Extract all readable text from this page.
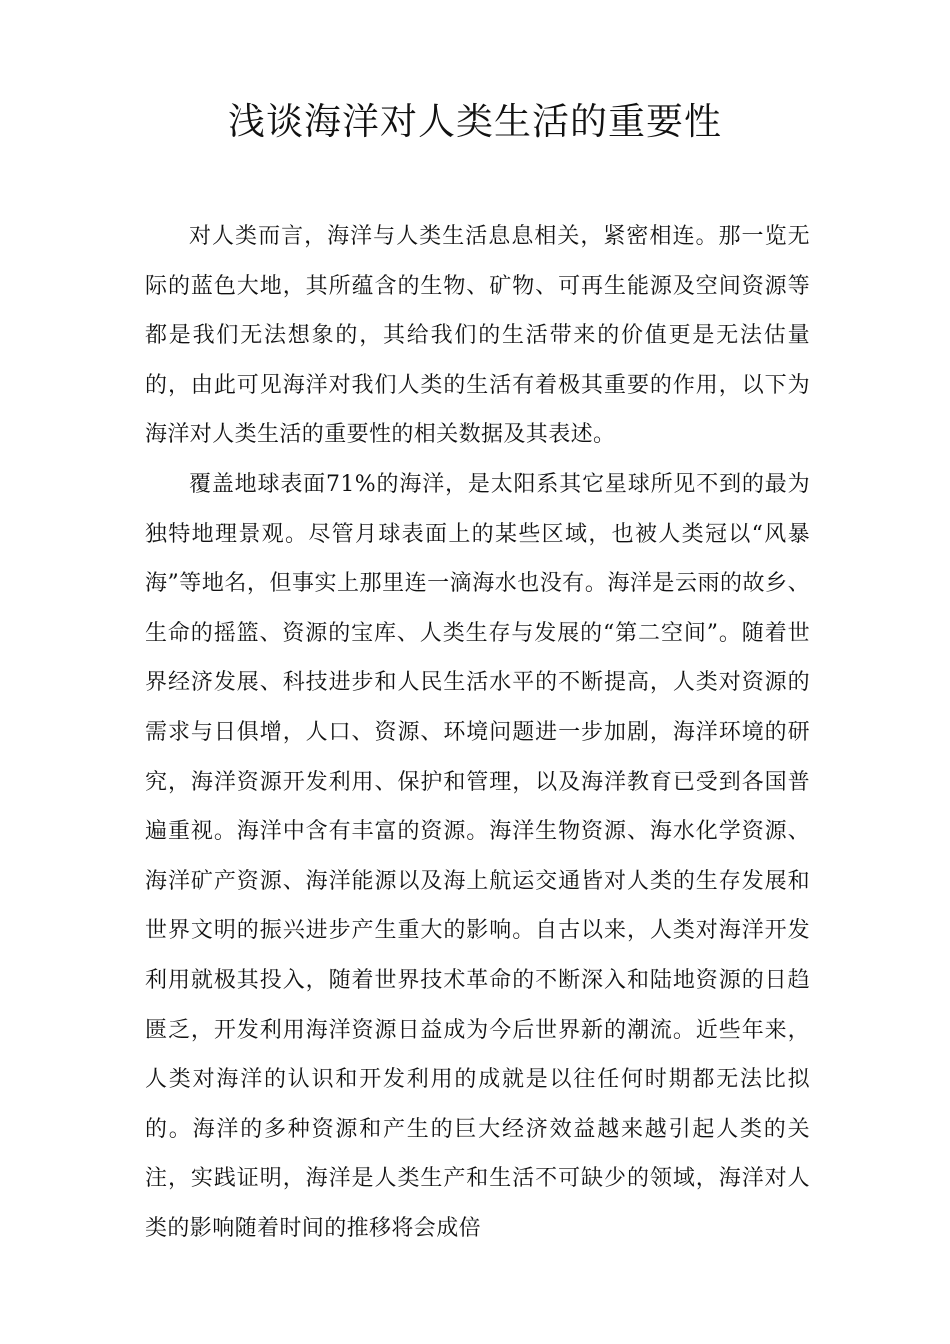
浅谈海洋对人类生活的重要性

对人类而言，海洋与人类生活息息相关，紧密相连。那一览无际的蓝色大地，其所蕴含的生物、矿物、可再生能源及空间资源等都是我们无法想象的，其给我们的生活带来的价值更是无法估量的，由此可见海洋对我们人类的生活有着极其重要的作用，以下为海洋对人类生活的重要性的相关数据及其表述。

覆盖地球表面71%的海洋，是太阳系其它星球所见不到的最为独特地理景观。尽管月球表面上的某些区域，也被人类冠以“风暴海”等地名，但事实上那里连一滴海水也没有。海洋是云雨的故乡、生命的摇篮、资源的宝库、人类生存与发展的“第二空间”。随着世界经济发展、科技进步和人民生活水平的不断提高，人类对资源的需求与日俱增，人口、资源、环境问题进一步加剧，海洋环境的研究，海洋资源开发利用、保护和管理，以及海洋教育已受到各国普遍重视。海洋中含有丰富的资源。海洋生物资源、海水化学资源、海洋矿产资源、海洋能源以及海上航运交通皆对人类的生存发展和世界文明的振兴进步产生重大的影响。自古以来，人类对海洋开发利用就极其投入，随着世界技术革命的不断深入和陆地资源的日趋匮乏，开发利用海洋资源日益成为今后世界新的潮流。近些年来，人类对海洋的认识和开发利用的成就是以往任何时期都无法比拟的。海洋的多种资源和产生的巨大经济效益越来越引起人类的关注，实践证明，海洋是人类生产和生活不可缺少的领域，海洋对人类的影响随着时间的推移将会成倍
